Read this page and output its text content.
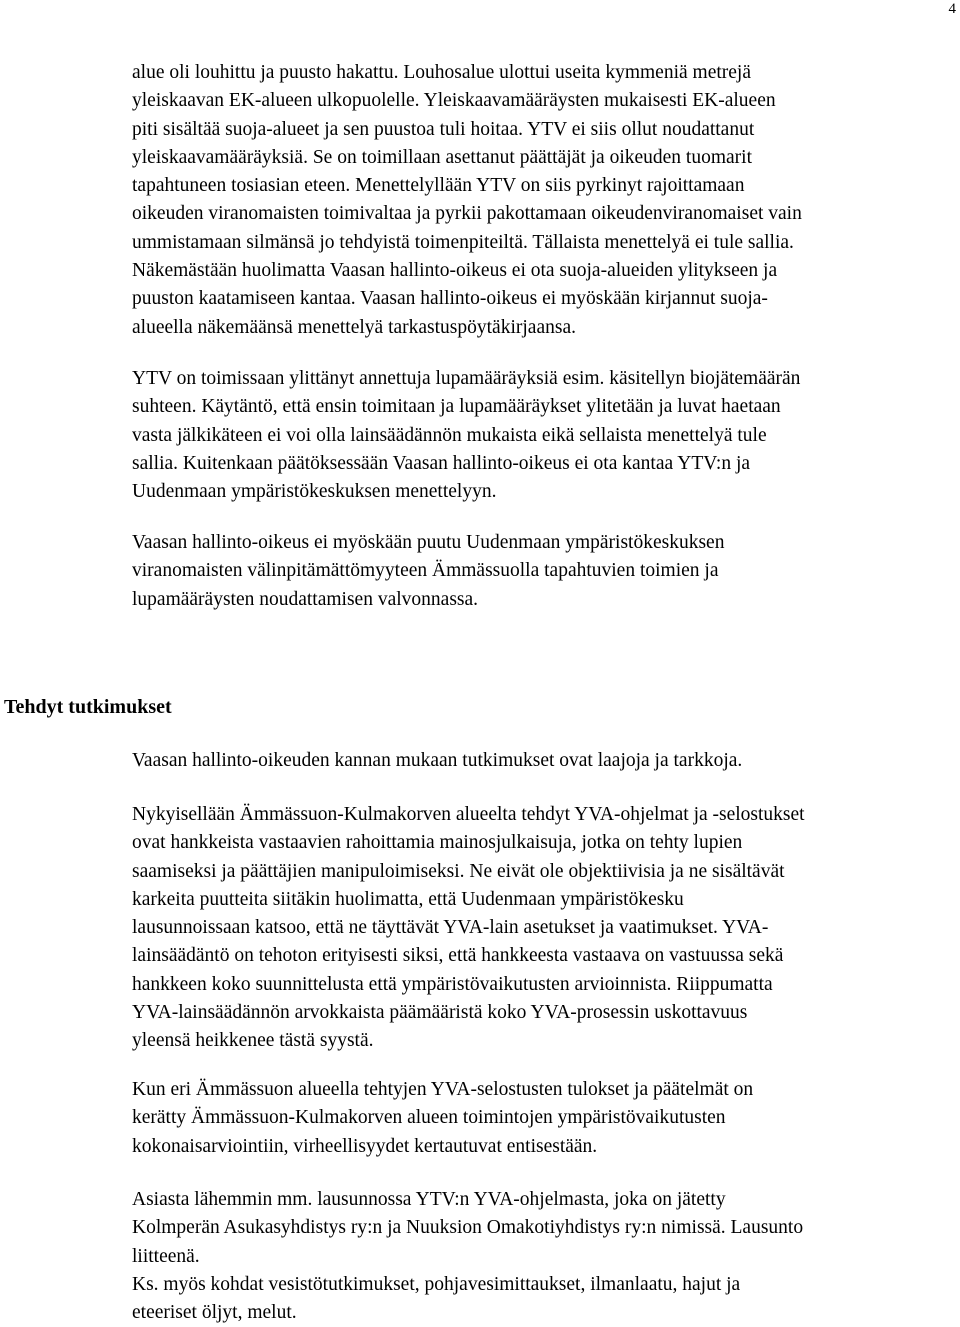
4

alue oli louhittu ja puusto hakattu. Louhosalue ulottui useita kymmeniä metrejä
yleiskaavan EK-alueen ulkopuolelle. Yleiskaavamääräysten mukaisesti EK-alueen
piti sisältää suoja-alueet ja sen puustoa tuli hoitaa. YTV ei siis ollut noudattanut
yleiskaavamääräyksiä. Se on toimillaan asettanut päättäjät ja oikeuden tuomarit
tapahtuneen tosiasian eteen. Menettelyllään YTV on siis pyrkinyt rajoittamaan
oikeuden viranomaisten toimivaltaa ja pyrkii pakottamaan oikeudenviranomaiset vain
ummistamaan silmänsä jo tehdyistä toimenpiteiltä. Tällaista menettelyä ei tule sallia.
Näkemästään huolimatta Vaasan hallinto-oikeus ei ota suoja-alueiden ylitykseen ja
puuston kaatamiseen kantaa. Vaasan hallinto-oikeus ei myöskään kirjannut suoja-
alueella näkemäänsä menettelyä tarkastuspöytäkirjaansa.

YTV on toimissaan ylittänyt annettuja lupamääräyksiä esim. käsitellyn biojätemäärän
suhteen. Käytäntö, että ensin toimitaan ja lupamääräykset ylitetään ja luvat haetaan
vasta jälkikäteen ei voi olla lainsäädännön mukaista eikä sellaista menettelyä tule
sallia. Kuitenkaan päätöksessään Vaasan hallinto-oikeus ei ota kantaa YTV:n ja
Uudenmaan ympäristökeskuksen menettelyyn.

Vaasan hallinto-oikeus ei myöskään puutu Uudenmaan ympäristökeskuksen
viranomaisten välinpitämättömyyteen Ämmässuolla tapahtuvien toimien ja
lupamääräysten noudattamisen valvonnassa.

Tehdyt tutkimukset

Vaasan hallinto-oikeuden kannan mukaan tutkimukset ovat laajoja ja tarkkoja.

Nykyisellään Ämmässuon-Kulmakorven alueelta tehdyt YVA-ohjelmat ja -selostukset
ovat hankkeista vastaavien rahoittamia mainosjulkaisuja, jotka on tehty lupien
saamiseksi ja päättäjien manipuloimiseksi. Ne eivät ole objektiivisia ja ne sisältävät
karkeita puutteita siitäkin huolimatta, että Uudenmaan ympäristökesku
lausunnoissaan katsoo, että ne täyttävät YVA-lain asetukset ja vaatimukset. YVA-
lainsäädäntö on tehoton erityisesti siksi, että hankkeesta vastaava on vastuussa sekä
hankkeen koko suunnittelusta että ympäristövaikutusten arvioinnista. Riippumatta
YVA-lainsäädännön arvokkaista päämääristä koko YVA-prosessin uskottavuus
yleensä heikkenee tästä syystä.

Kun eri Ämmässuon alueella tehtyjen YVA-selostusten tulokset ja päätelmät on
kerätty Ämmässuon-Kulmakorven alueen toimintojen ympäristövaikutusten
kokonaisarviointiin, virheellisyydet kertautuvat entisestään.

Asiasta lähemmin mm. lausunnossa YTV:n YVA-ohjelmasta, joka on jätetty
Kolmperän Asukasyhdistys ry:n ja Nuuksion Omakotiyhdistys ry:n nimissä. Lausunto
liitteenä.
Ks. myös kohdat vesistötutkimukset, pohjavesimittaukset, ilmanlaatu, hajut ja
eteeriset öljyt, melut.
